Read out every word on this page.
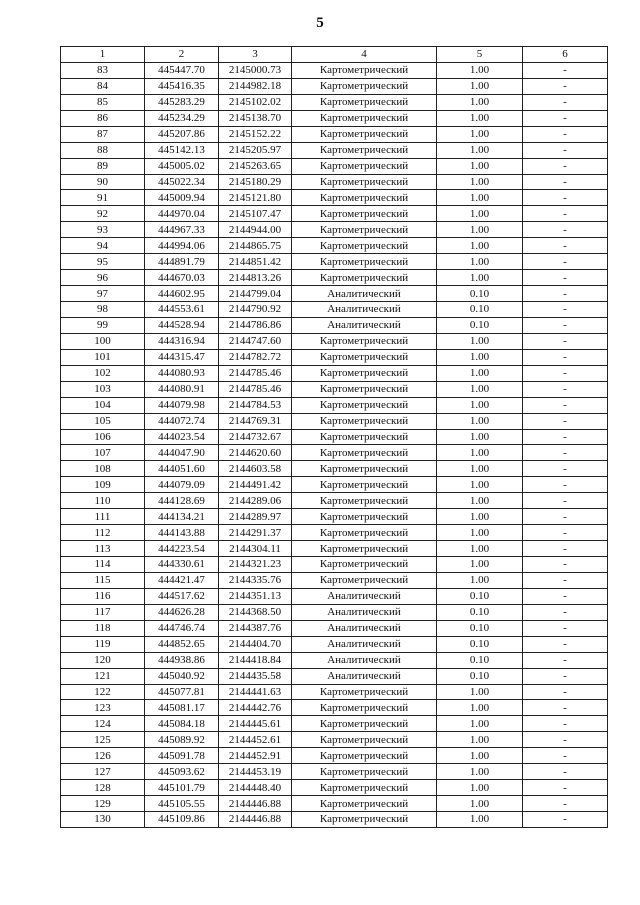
5
1	2	3	4	5	6
83	445447.70	2145000.73	Картометрический	1.00	-
84	445416.35	2144982.18	Картометрический	1.00	-
85	445283.29	2145102.02	Картометрический	1.00	-
86	445234.29	2145138.70	Картометрический	1.00	-
87	445207.86	2145152.22	Картометрический	1.00	-
88	445142.13	2145205.97	Картометрический	1.00	-
89	445005.02	2145263.65	Картометрический	1.00	-
90	445022.34	2145180.29	Картометрический	1.00	-
91	445009.94	2145121.80	Картометрический	1.00	-
92	444970.04	2145107.47	Картометрический	1.00	-
93	444967.33	2144944.00	Картометрический	1.00	-
94	444994.06	2144865.75	Картометрический	1.00	-
95	444891.79	2144851.42	Картометрический	1.00	-
96	444670.03	2144813.26	Картометрический	1.00	-
97	444602.95	2144799.04	Аналитический	0.10	-
98	444553.61	2144790.92	Аналитический	0.10	-
99	444528.94	2144786.86	Аналитический	0.10	-
100	444316.94	2144747.60	Картометрический	1.00	-
101	444315.47	2144782.72	Картометрический	1.00	-
102	444080.93	2144785.46	Картометрический	1.00	-
103	444080.91	2144785.46	Картометрический	1.00	-
104	444079.98	2144784.53	Картометрический	1.00	-
105	444072.74	2144769.31	Картометрический	1.00	-
106	444023.54	2144732.67	Картометрический	1.00	-
107	444047.90	2144620.60	Картометрический	1.00	-
108	444051.60	2144603.58	Картометрический	1.00	-
109	444079.09	2144491.42	Картометрический	1.00	-
110	444128.69	2144289.06	Картометрический	1.00	-
111	444134.21	2144289.97	Картометрический	1.00	-
112	444143.88	2144291.37	Картометрический	1.00	-
113	444223.54	2144304.11	Картометрический	1.00	-
114	444330.61	2144321.23	Картометрический	1.00	-
115	444421.47	2144335.76	Картометрический	1.00	-
116	444517.62	2144351.13	Аналитический	0.10	-
117	444626.28	2144368.50	Аналитический	0.10	-
118	444746.74	2144387.76	Аналитический	0.10	-
119	444852.65	2144404.70	Аналитический	0.10	-
120	444938.86	2144418.84	Аналитический	0.10	-
121	445040.92	2144435.58	Аналитический	0.10	-
122	445077.81	2144441.63	Картометрический	1.00	-
123	445081.17	2144442.76	Картометрический	1.00	-
124	445084.18	2144445.61	Картометрический	1.00	-
125	445089.92	2144452.61	Картометрический	1.00	-
126	445091.78	2144452.91	Картометрический	1.00	-
127	445093.62	2144453.19	Картометрический	1.00	-
128	445101.79	2144448.40	Картометрический	1.00	-
129	445105.55	2144446.88	Картометрический	1.00	-
130	445109.86	2144446.88	Картометрический	1.00	-
